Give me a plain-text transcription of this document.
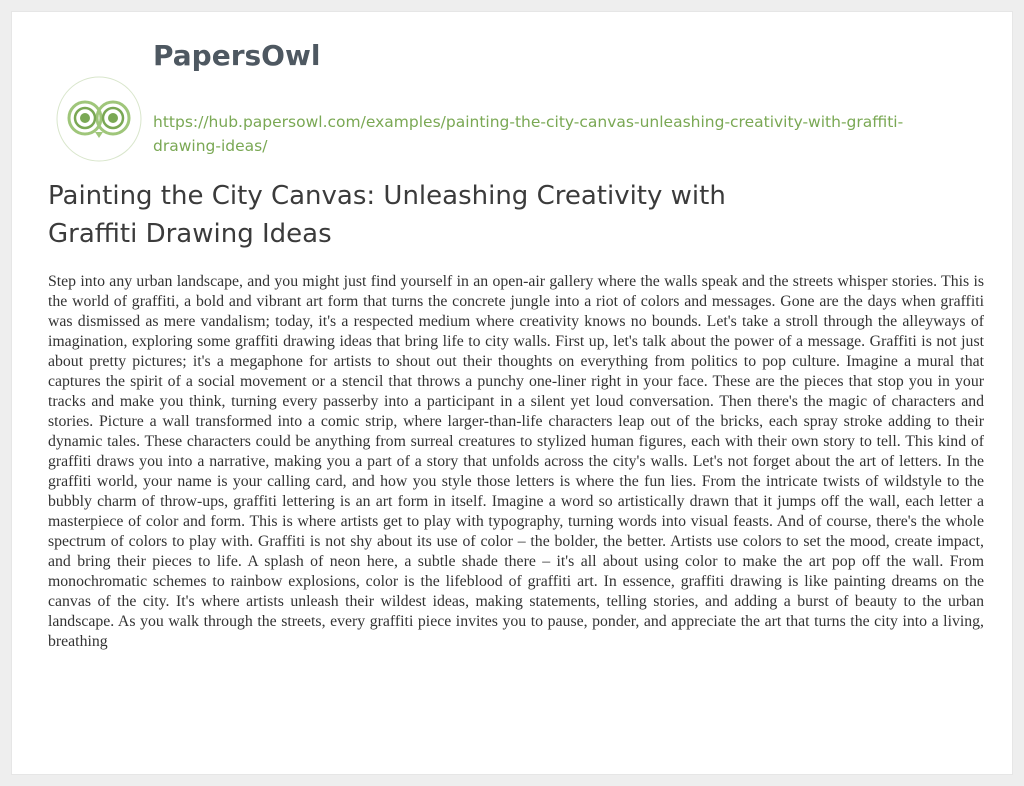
PapersOwl
https://hub.papersowl.com/examples/painting-the-city-canvas-unleashing-creativity-with-graffiti-drawing-ideas/
Painting the City Canvas: Unleashing Creativity with Graffiti Drawing Ideas

Step into any urban landscape, and you might just find yourself in an open-air gallery where the walls speak and the streets whisper stories. This is the world of graffiti, a bold and vibrant art form that turns the concrete jungle into a riot of colors and messages. Gone are the days when graffiti was dismissed as mere vandalism; today, it's a respected medium where creativity knows no bounds. Let's take a stroll through the alleyways of imagination, exploring some graffiti drawing ideas that bring life to city walls. First up, let's talk about the power of a message. Graffiti is not just about pretty pictures; it's a megaphone for artists to shout out their thoughts on everything from politics to pop culture. Imagine a mural that captures the spirit of a social movement or a stencil that throws a punchy one-liner right in your face. These are the pieces that stop you in your tracks and make you think, turning every passerby into a participant in a silent yet loud conversation. Then there's the magic of characters and stories. Picture a wall transformed into a comic strip, where larger-than-life characters leap out of the bricks, each spray stroke adding to their dynamic tales. These characters could be anything from surreal creatures to stylized human figures, each with their own story to tell. This kind of graffiti draws you into a narrative, making you a part of a story that unfolds across the city's walls. Let's not forget about the art of letters. In the graffiti world, your name is your calling card, and how you style those letters is where the fun lies. From the intricate twists of wildstyle to the bubbly charm of throw-ups, graffiti lettering is an art form in itself. Imagine a word so artistically drawn that it jumps off the wall, each letter a masterpiece of color and form. This is where artists get to play with typography, turning words into visual feasts. And of course, there's the whole spectrum of colors to play with. Graffiti is not shy about its use of color – the bolder, the better. Artists use colors to set the mood, create impact, and bring their pieces to life. A splash of neon here, a subtle shade there – it's all about using color to make the art pop off the wall. From monochromatic schemes to rainbow explosions, color is the lifeblood of graffiti art. In essence, graffiti drawing is like painting dreams on the canvas of the city. It's where artists unleash their wildest ideas, making statements, telling stories, and adding a burst of beauty to the urban landscape. As you walk through the streets, every graffiti piece invites you to pause, ponder, and appreciate the art that turns the city into a living, breathing
